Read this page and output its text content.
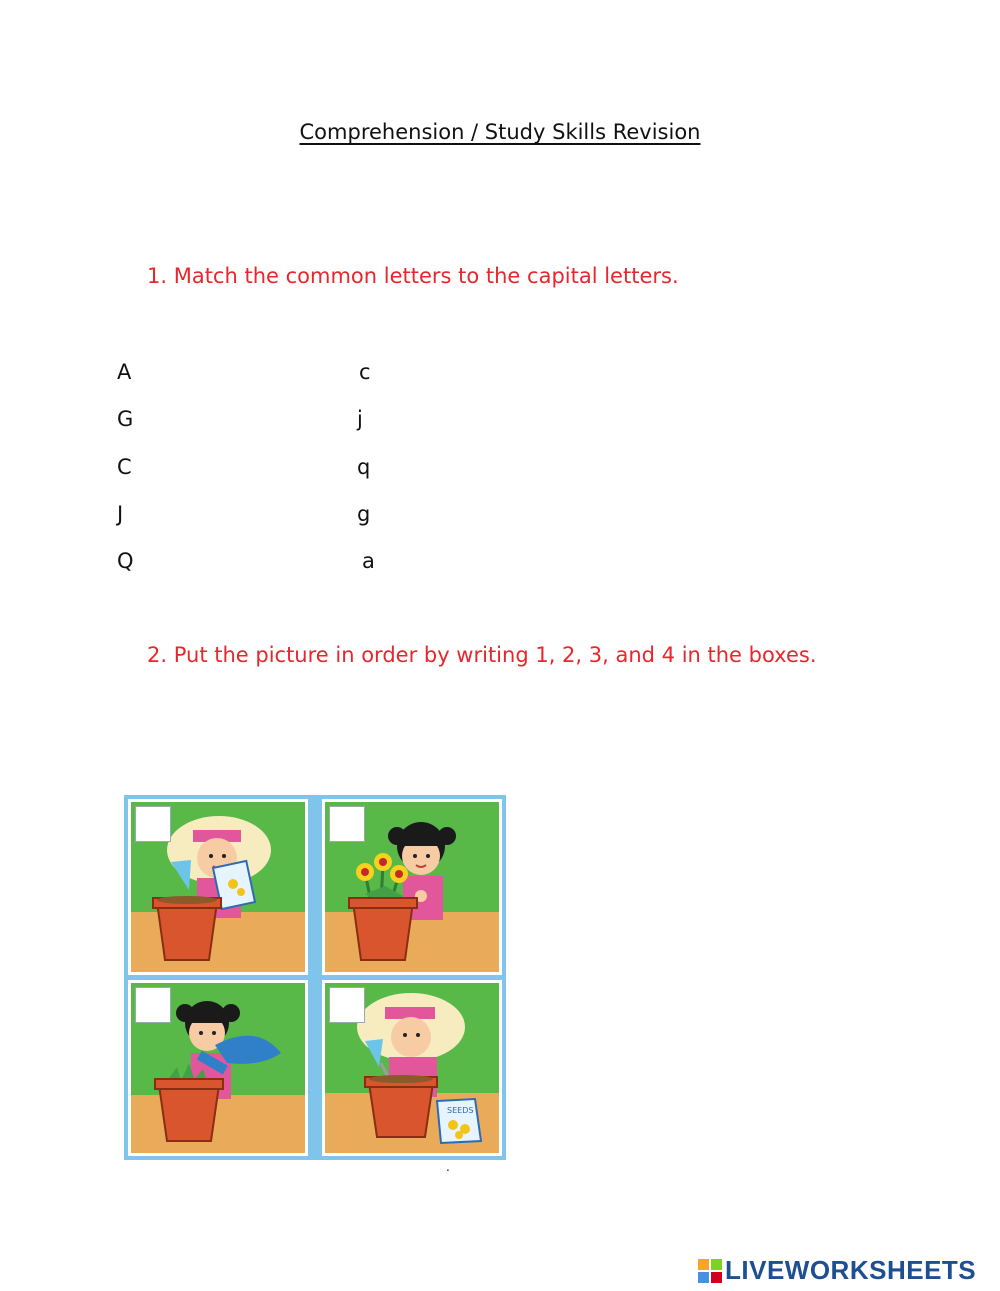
Comprehension / Study Skills Revision
1. Match the common letters to the capital letters.
A
G
C
J
Q
c
j
q
g
a
2. Put the picture in order by writing 1, 2, 3, and 4 in the boxes.
SEEDS
.
LIVEWORKSHEETS
